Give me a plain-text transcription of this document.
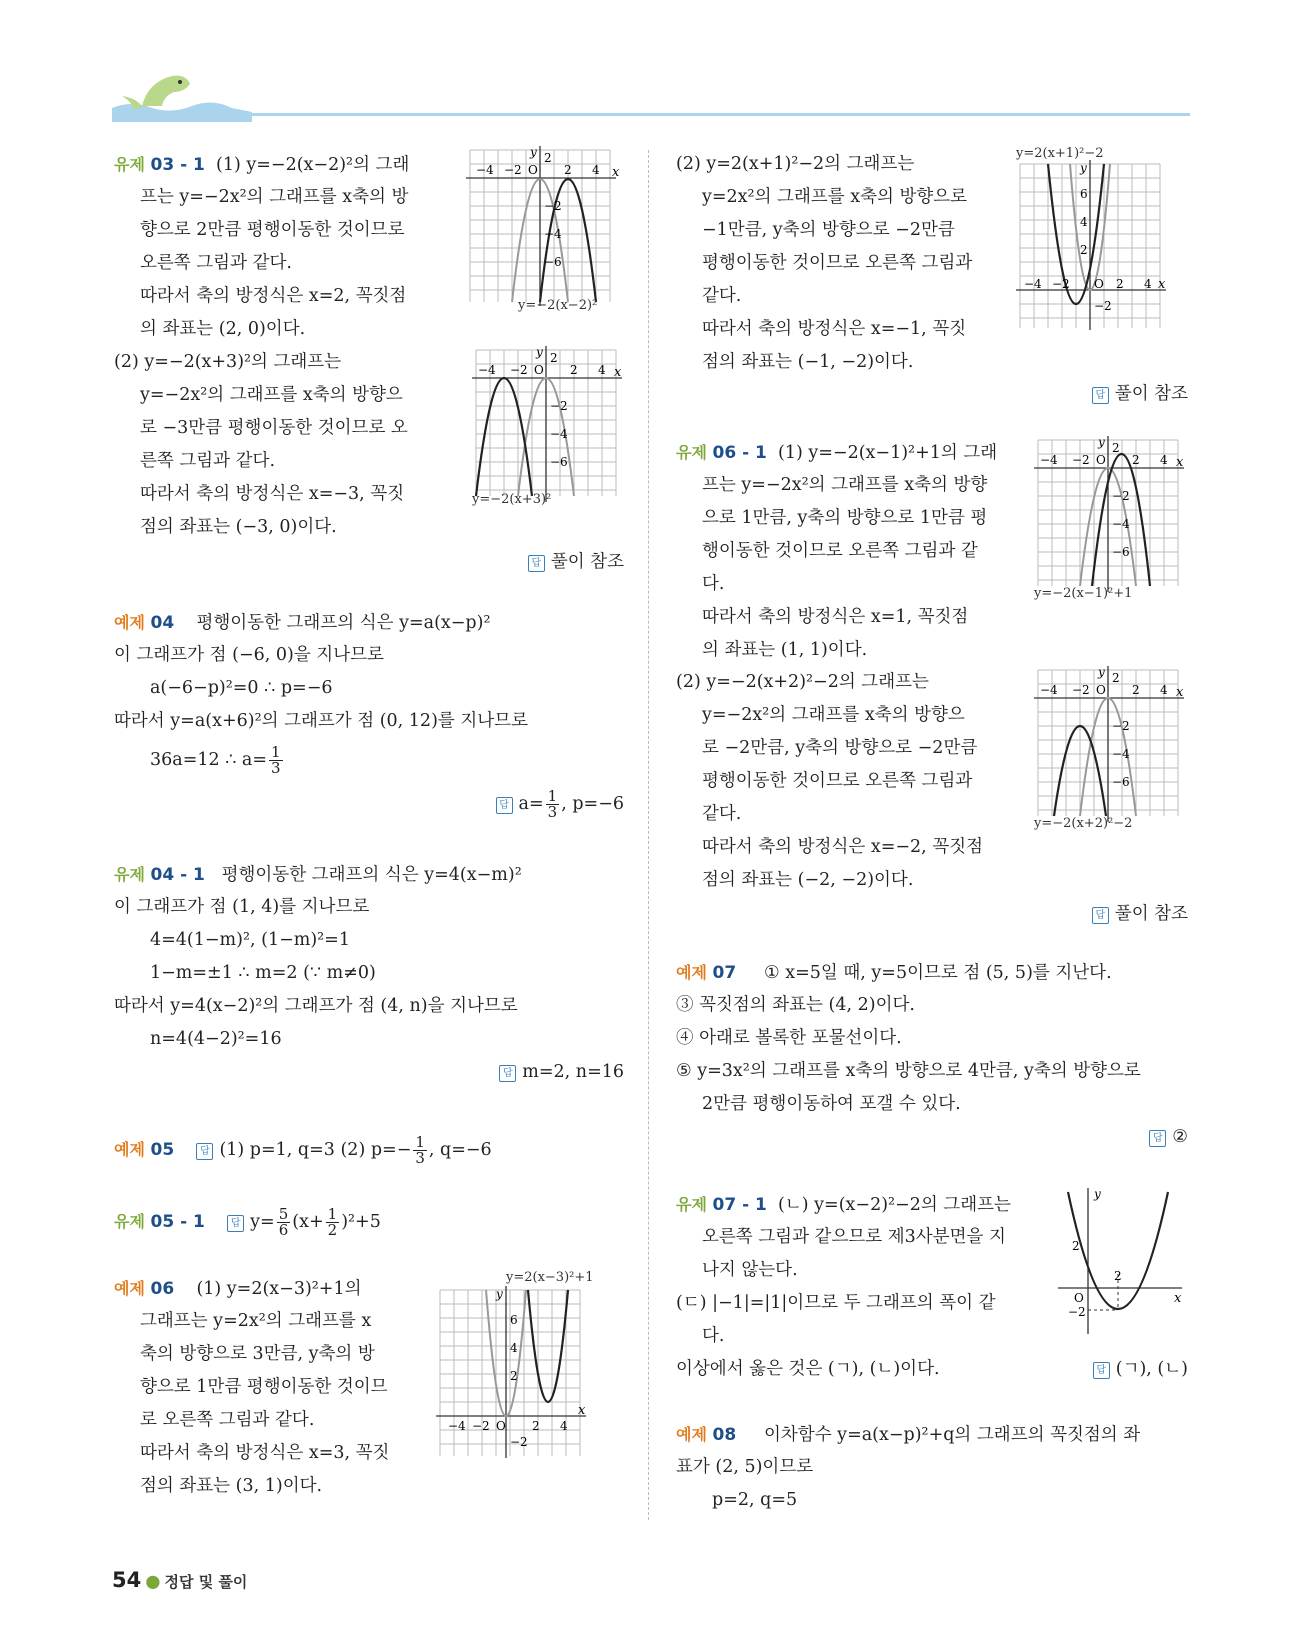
유제 03 - 1 (1) y=−2(x−2)²의 그래
프는 y=−2x²의 그래프를 x축의 방
향으로 2만큼 평행이동한 것이므로
오른쪽 그림과 같다.
따라서 축의 방정식은 x=2, 꼭짓점
의 좌표는 (2, 0)이다.
−4 −2 O 2 4 x
y 2
−2
−4
−6
y=−2(x−2)²
(2) y=−2(x+3)²의 그래프는
y=−2x²의 그래프를 x축의 방향으
로 −3만큼 평행이동한 것이므로 오
른쪽 그림과 같다.
따라서 축의 방정식은 x=−3, 꼭짓
점의 좌표는 (−3, 0)이다.
−4 −2 O 2 4 x
y 2
−2
−4
−6
y=−2(x+3)²
답 풀이 참조
예제 04 평행이동한 그래프의 식은 y=a(x−p)²
이 그래프가 점 (−6, 0)을 지나므로
a(−6−p)²=0 ∴ p=−6
따라서 y=a(x+6)²의 그래프가 점 (0, 12)를 지나므로
36a=12 ∴ $a= \frac{1}{3}$
답 $a= \frac{1}{3}$ , p=−6
유제 04 - 1 평행이동한 그래프의 식은 y=4(x−m)²
이 그래프가 점 (1, 4)를 지나므로
4=4(1−m)², (1−m)²=1
1−m=±1 ∴ m=2 (∵ m≠0)
따라서 y=4(x−2)²의 그래프가 점 (4, n)을 지나므로
n=4(4−2)²=16
답 m=2, n=16
예제 05	답 (1) p=1, q=3 (2) $p=- \frac{1}{3}$ , q=−6
유제 05 - 1	답 $y= \frac{5}{6} (x+ \frac{1}{2} )^2+5$
예제 06 (1) y=2(x−3)²+1의
그래프는 y=2x²의 그래프를 x
축의 방향으로 3만큼, y축의 방
향으로 1만큼 평행이동한 것이므
로 오른쪽 그림과 같다.
따라서 축의 방정식은 x=3, 꼭짓
점의 좌표는 (3, 1)이다.
y=2(x−3)²+1
−4 −2 O 2 4
x
y
6
4
2
−2
(2) y=2(x+1)²−2의 그래프는
y=2x²의 그래프를 x축의 방향으로
−1만큼, y축의 방향으로 −2만큼
평행이동한 것이므로 오른쪽 그림과
같다.
따라서 축의 방정식은 x=−1, 꼭짓
점의 좌표는 (−1, −2)이다.
y=2(x+1)²−2
−4 −2 O 2 4 x
y
6
4
2
−2
답 풀이 참조
유제 06 - 1 (1) y=−2(x−1)²+1의 그래
프는 y=−2x²의 그래프를 x축의 방향
으로 1만큼, y축의 방향으로 1만큼 평
행이동한 것이므로 오른쪽 그림과 같
다.
따라서 축의 방정식은 x=1, 꼭짓점
의 좌표는 (1, 1)이다.
−4 −2 O 2 4 x
y 2
−2
−4
−6
y=−2(x−1)²+1
(2) y=−2(x+2)²−2의 그래프는
y=−2x²의 그래프를 x축의 방향으
로 −2만큼, y축의 방향으로 −2만큼
평행이동한 것이므로 오른쪽 그림과
같다.
따라서 축의 방정식은 x=−2, 꼭짓점
점의 좌표는 (−2, −2)이다.
−4 −2 O 2 4 x
y 2
−2
−4
−6
y=−2(x+2)²−2
답 풀이 참조
예제 07 ① x=5일 때, y=5이므로 점 (5, 5)를 지난다.
③ 꼭짓점의 좌표는 (4, 2)이다.
④ 아래로 볼록한 포물선이다.
⑤ y=3x²의 그래프를 x축의 방향으로 4만큼, y축의 방향으로
2만큼 평행이동하여 포갤 수 있다.
답 ②
유제 07 - 1 (ㄴ) y=(x−2)²−2의 그래프는
오른쪽 그림과 같으므로 제3사분면을 지
나지 않는다.
(ㄷ) |−1|=|1|이므로 두 그래프의 폭이 같
다.
이상에서 옳은 것은 (ㄱ), (ㄴ)이다.	답 (ㄱ), (ㄴ)
2
O
2
−2
x
y
예제 08 이차함수 y=a(x−p)²+q의 그래프의 꼭짓점의 좌
표가 (2, 5)이므로
p=2, q=5
54 ● 정답 및 풀이
